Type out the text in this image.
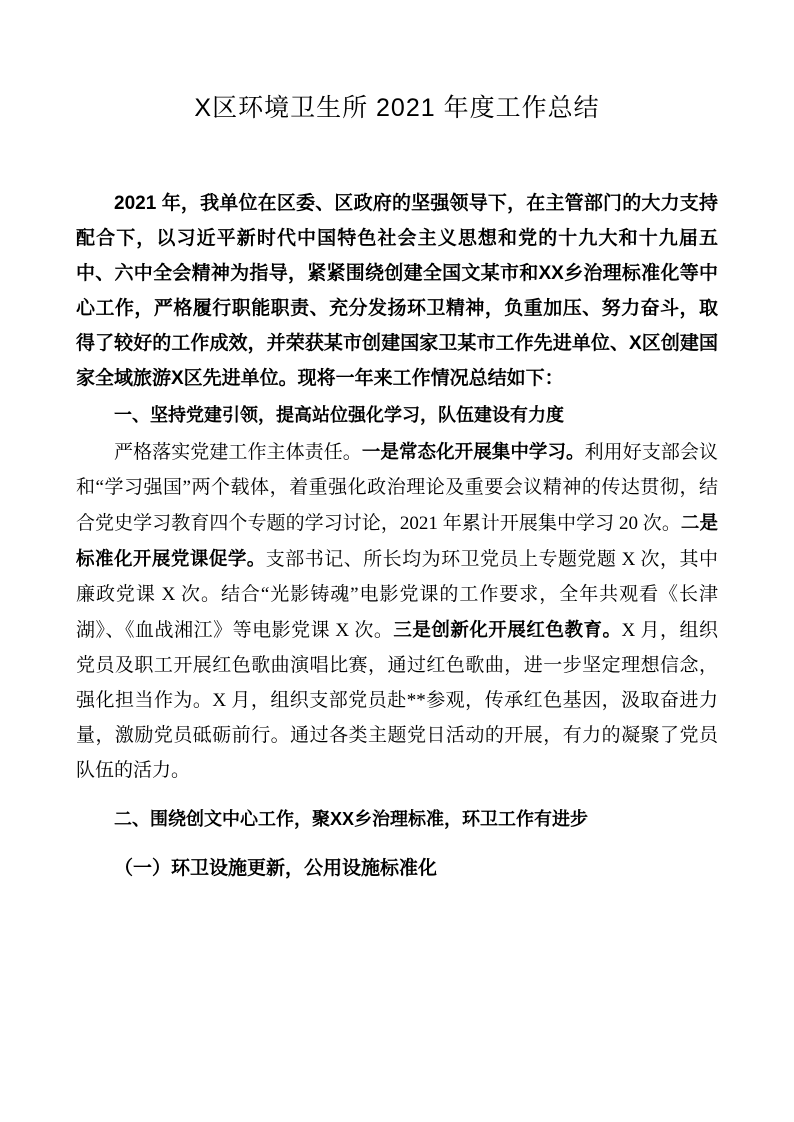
X区环境卫生所 2021 年度工作总结

2021 年，我单位在区委、区政府的坚强领导下，在主管部门的大力支持配合下，以习近平新时代中国特色社会主义思想和党的十九大和十九届五中、六中全会精神为指导，紧紧围绕创建全国文某市和XX乡治理标准化等中心工作，严格履行职能职责、充分发扬环卫精神，负重加压、努力奋斗，取得了较好的工作成效，并荣获某市创建国家卫某市工作先进单位、X区创建国家全域旅游X区先进单位。现将一年来工作情况总结如下：

一、坚持党建引领，提高站位强化学习，队伍建设有力度

严格落实党建工作主体责任。一是常态化开展集中学习。利用好支部会议和“学习强国”两个载体，着重强化政治理论及重要会议精神的传达贯彻，结合党史学习教育四个专题的学习讨论，2021 年累计开展集中学习 20 次。二是标准化开展党课促学。支部书记、所长均为环卫党员上专题党题 X 次，其中廉政党课 X 次。结合“光影铸魂”电影党课的工作要求，全年共观看《长津湖》、《血战湘江》等电影党课 X 次。三是创新化开展红色教育。X 月，组织党员及职工开展红色歌曲演唱比赛，通过红色歌曲，进一步坚定理想信念，强化担当作为。X 月，组织支部党员赴**参观，传承红色基因，汲取奋进力量，激励党员砥砺前行。通过各类主题党日活动的开展，有力的凝聚了党员队伍的活力。

二、围绕创文中心工作，聚XX乡治理标准，环卫工作有进步

（一）环卫设施更新，公用设施标准化
